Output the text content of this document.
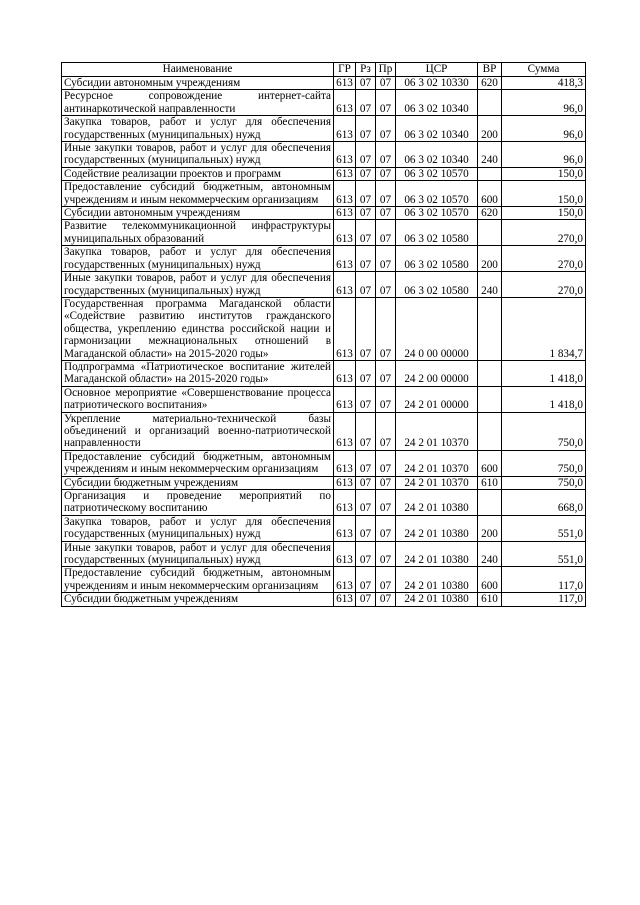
Наименование	ГР	Рз	Пр	ЦСР	ВР	Сумма
Субсидии автономным учреждениям	613	07	07	06 3 02 10330	620	418,3
Ресурсное сопровождение интернет-сайта антинаркотической направленности	613	07	07	06 3 02 10340		96,0
Закупка товаров, работ и услуг для обеспечения государственных (муниципальных) нужд	613	07	07	06 3 02 10340	200	96,0
Иные закупки товаров, работ и услуг для обеспечения государственных (муниципальных) нужд	613	07	07	06 3 02 10340	240	96,0
Содействие реализации проектов и программ	613	07	07	06 3 02 10570		150,0
Предоставление субсидий бюджетным, автономным учреждениям и иным некоммерческим организациям	613	07	07	06 3 02 10570	600	150,0
Субсидии автономным учреждениям	613	07	07	06 3 02 10570	620	150,0
Развитие телекоммуникационной инфраструктуры муниципальных образований	613	07	07	06 3 02 10580		270,0
Закупка товаров, работ и услуг для обеспечения государственных (муниципальных) нужд	613	07	07	06 3 02 10580	200	270,0
Иные закупки товаров, работ и услуг для обеспечения государственных (муниципальных) нужд	613	07	07	06 3 02 10580	240	270,0
Государственная программа Магаданской области «Содействие развитию институтов гражданского общества, укреплению единства российской нации и гармонизации межнациональных отношений в Магаданской области» на 2015-2020 годы»	613	07	07	24 0 00 00000		1 834,7
Подпрограмма «Патриотическое воспитание жителей Магаданской области» на 2015-2020 годы»	613	07	07	24 2 00 00000		1 418,0
Основное мероприятие «Совершенствование процесса патриотического воспитания»	613	07	07	24 2 01 00000		1 418,0
Укрепление материально-технической базы объединений и организаций военно-патриотической направленности	613	07	07	24 2 01 10370		750,0
Предоставление субсидий бюджетным, автономным учреждениям и иным некоммерческим организациям	613	07	07	24 2 01 10370	600	750,0
Субсидии бюджетным учреждениям	613	07	07	24 2 01 10370	610	750,0
Организация и проведение мероприятий по патриотическому воспитанию	613	07	07	24 2 01 10380		668,0
Закупка товаров, работ и услуг для обеспечения государственных (муниципальных) нужд	613	07	07	24 2 01 10380	200	551,0
Иные закупки товаров, работ и услуг для обеспечения государственных (муниципальных) нужд	613	07	07	24 2 01 10380	240	551,0
Предоставление субсидий бюджетным, автономным учреждениям и иным некоммерческим организациям	613	07	07	24 2 01 10380	600	117,0
Субсидии бюджетным учреждениям	613	07	07	24 2 01 10380	610	117,0
